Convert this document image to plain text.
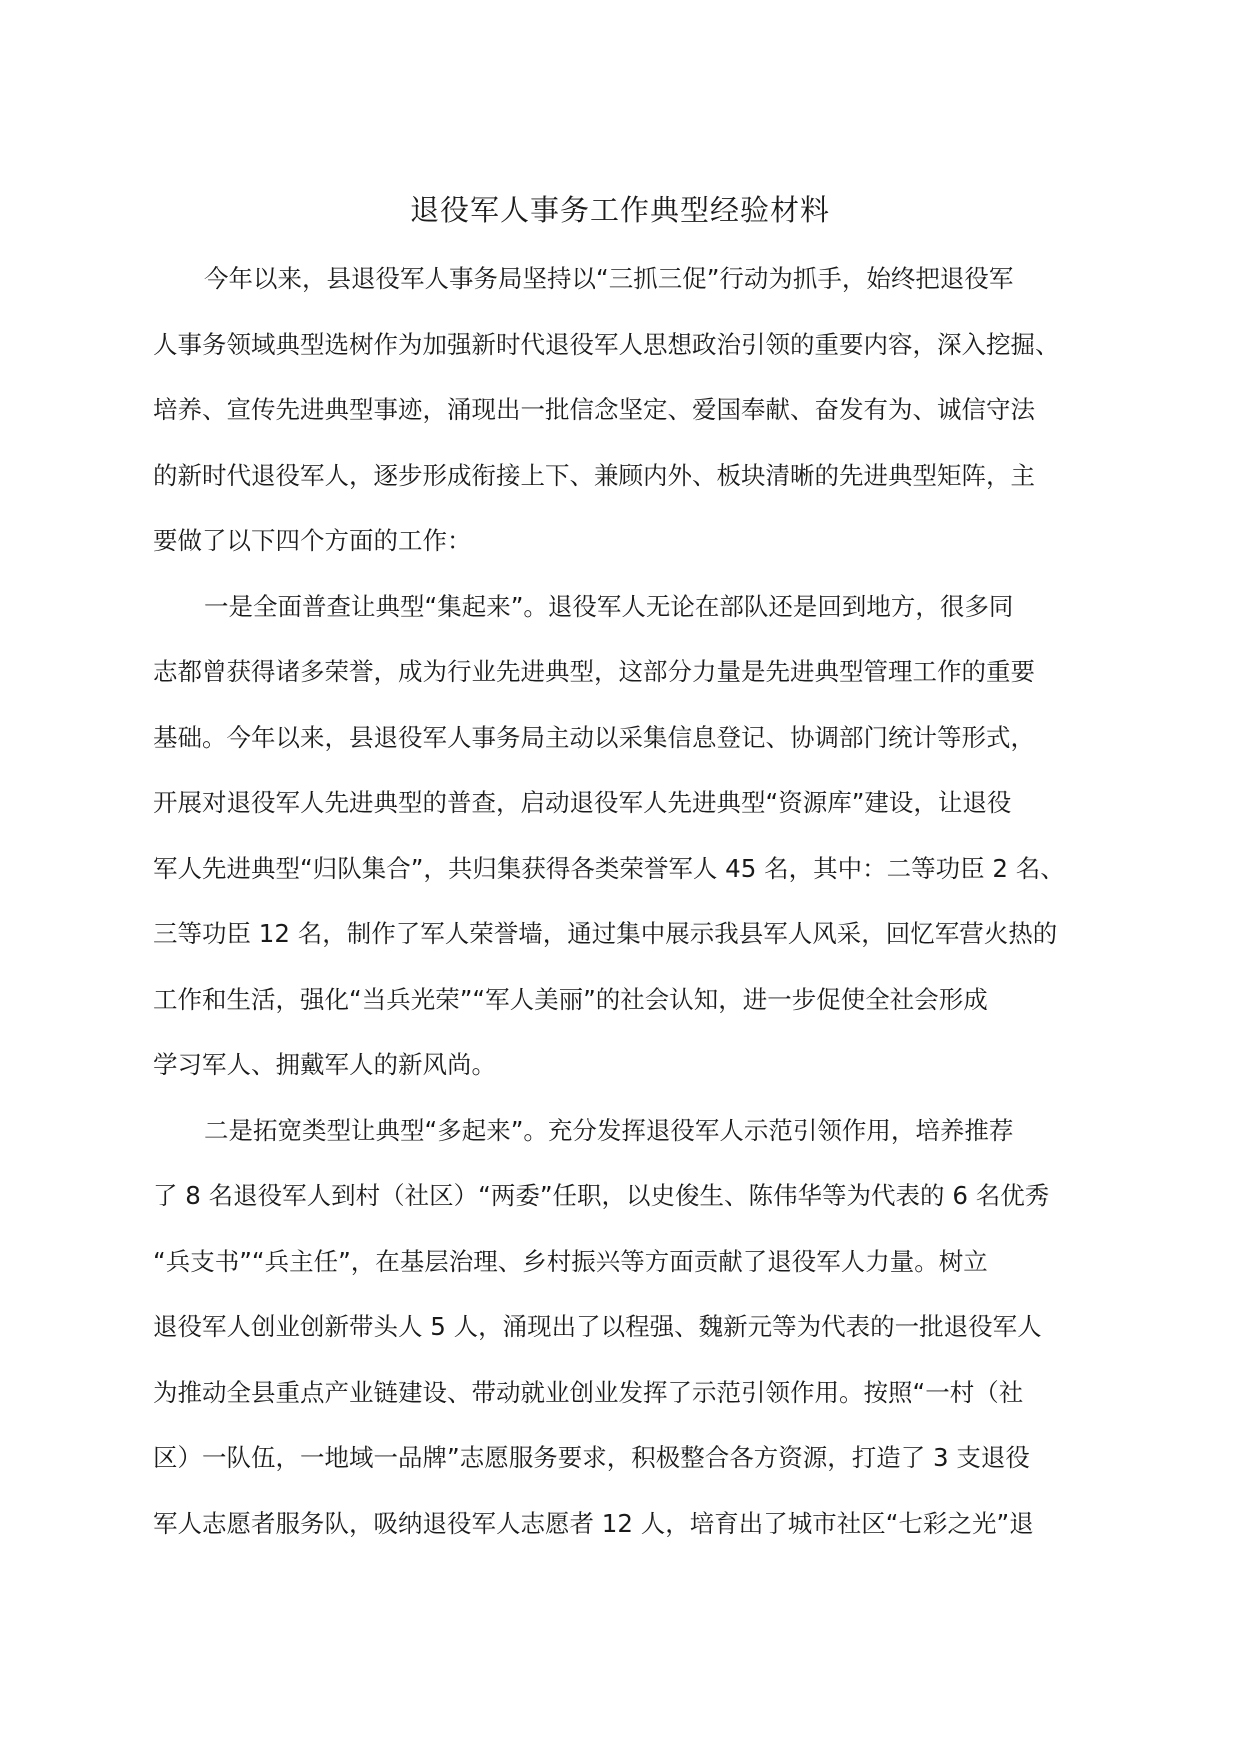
退役军人事务工作典型经验材料
今年以来，县退役军人事务局坚持以“三抓三促”行动为抓手，始终把退役军
人事务领域典型选树作为加强新时代退役军人思想政治引领的重要内容，深入挖掘、
培养、宣传先进典型事迹，涌现出一批信念坚定、爱国奉献、奋发有为、诚信守法
的新时代退役军人，逐步形成衔接上下、兼顾内外、板块清晰的先进典型矩阵，主
要做了以下四个方面的工作：
一是全面普查让典型“集起来”。退役军人无论在部队还是回到地方，很多同
志都曾获得诸多荣誉，成为行业先进典型，这部分力量是先进典型管理工作的重要
基础。今年以来，县退役军人事务局主动以采集信息登记、协调部门统计等形式，
开展对退役军人先进典型的普查，启动退役军人先进典型“资源库”建设，让退役
军人先进典型“归队集合”，共归集获得各类荣誉军人 45 名，其中：二等功臣 2 名、
三等功臣 12 名，制作了军人荣誉墙，通过集中展示我县军人风采，回忆军营火热的
工作和生活，强化“当兵光荣”“军人美丽”的社会认知，进一步促使全社会形成
学习军人、拥戴军人的新风尚。
二是拓宽类型让典型“多起来”。充分发挥退役军人示范引领作用，培养推荐
了 8 名退役军人到村（社区）“两委”任职，以史俊生、陈伟华等为代表的 6 名优秀
“兵支书”“兵主任”，在基层治理、乡村振兴等方面贡献了退役军人力量。树立
退役军人创业创新带头人 5 人，涌现出了以程强、魏新元等为代表的一批退役军人
为推动全县重点产业链建设、带动就业创业发挥了示范引领作用。按照“一村（社
区）一队伍，一地域一品牌”志愿服务要求，积极整合各方资源，打造了 3 支退役
军人志愿者服务队，吸纳退役军人志愿者 12 人，培育出了城市社区“七彩之光”退
